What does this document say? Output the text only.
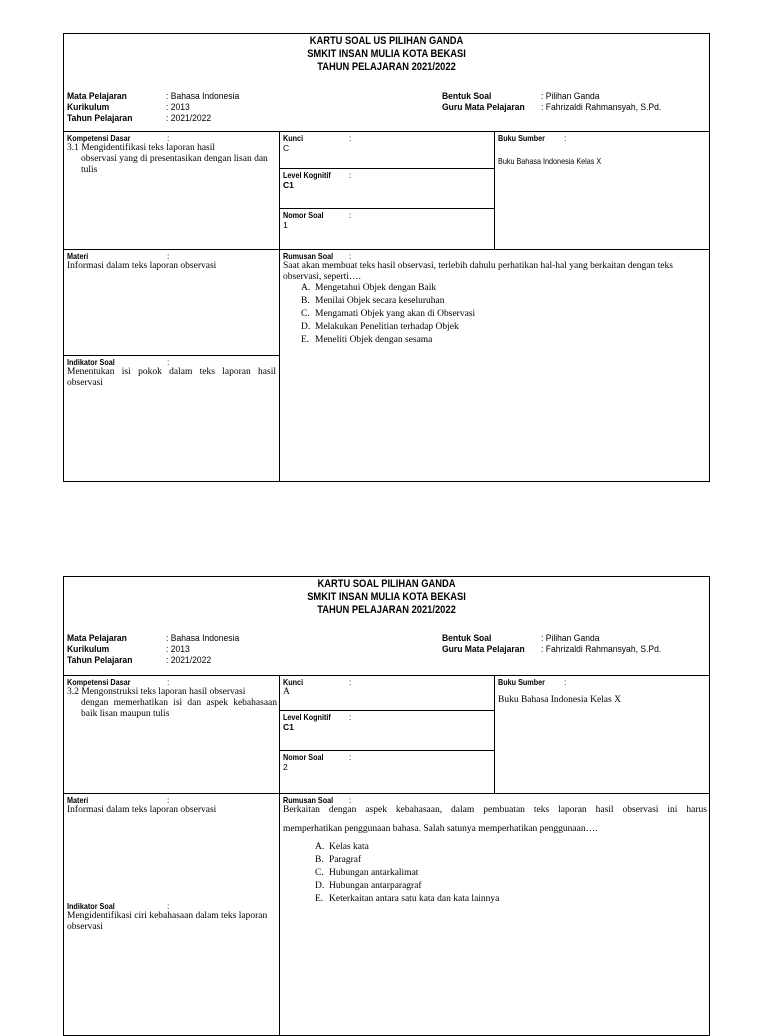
KARTU SOAL US PILIHAN GANDA
SMKIT INSAN MULIA KOTA BEKASI
TAHUN PELAJARAN 2021/2022
Mata Pelajaran	: Bahasa Indonesia
Kurikulum	: 2013
Tahun Pelajaran	: 2021/2022
Bentuk Soal	: Pilihan Ganda
Guru Mata Pelajaran : Fahrizaldi Rahmansyah, S.Pd.
Kompetensi Dasar	:
3.1 Mengidentifikasi teks laporan hasil
observasi yang di presentasikan dengan lisan dan tulis
Kunci	:
C
Level Kognitif	:
C1
Nomor Soal	:
1
Buku Sumber	:
Buku Bahasa Indonesia Kelas X
Materi	:
Informasi dalam teks laporan observasi
Rumusan Soal	:
Saat akan membuat teks hasil observasi, terlebih dahulu perhatikan hal-hal yang berkaitan dengan teks observasi, seperti….
A. Mengetahui Objek dengan Baik
B. Menilai Objek secara keseluruhan
C. Mengamati Objek yang akan di Observasi
D. Melakukan Penelitian terhadap Objek
E. Meneliti Objek dengan sesama
Indikator Soal	:
Menentukan isi pokok dalam teks laporan hasil observasi
KARTU SOAL PILIHAN GANDA
SMKIT INSAN MULIA KOTA BEKASI
TAHUN PELAJARAN 2021/2022
Mata Pelajaran	: Bahasa Indonesia
Kurikulum	: 2013
Tahun Pelajaran	: 2021/2022
Bentuk Soal	: Pilihan Ganda
Guru Mata Pelajaran : Fahrizaldi Rahmansyah, S.Pd.
Kompetensi Dasar	:
3.2 Mengonstruksi teks laporan hasil observasi
dengan memerhatikan isi dan aspek kebahasaan baik lisan maupun tulis
Kunci	:
A
Level Kognitif	:
C1
Nomor Soal	:
2
Buku Sumber	:
Buku Bahasa Indonesia Kelas X
Materi	:
Informasi dalam teks laporan observasi
Rumusan Soal	:
Berkaitan dengan aspek kebahasaan, dalam pembuatan teks laporan hasil observasi ini harus
memperhatikan penggunaan bahasa. Salah satunya memperhatikan penggunaan….
A. Kelas kata
B. Paragraf
C. Hubungan antarkalimat
D. Hubungan antarparagraf
E. Keterkaitan antara satu kata dan kata lainnya
Indikator Soal	:
Mengidentifikasi ciri kebahasaan dalam teks laporan observasi
